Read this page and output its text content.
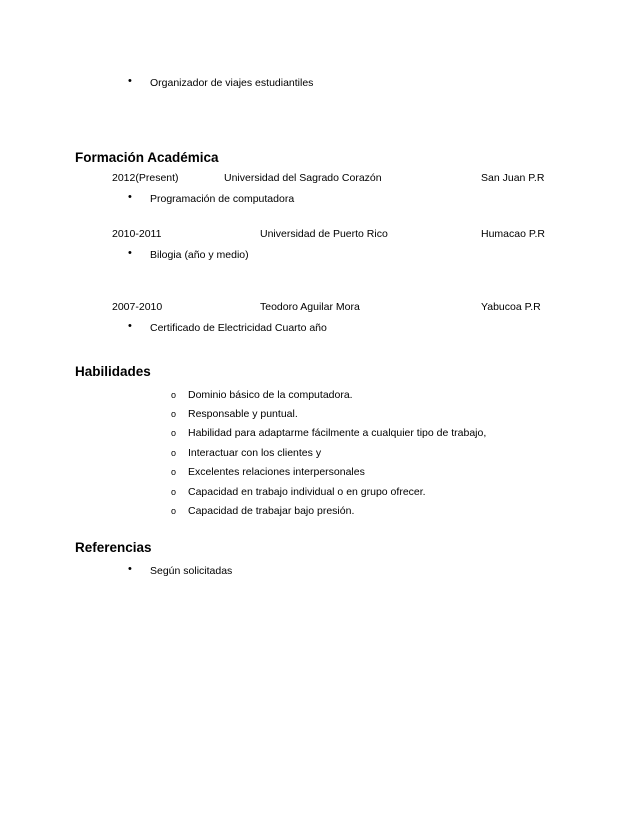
• Organizador de viajes estudiantiles
Formación Académica
2012(Present)	Universidad del Sagrado Corazón	San Juan P.R
• Programación de computadora
2010-2011	Universidad de Puerto Rico	Humacao P.R
• Bilogia (año y medio)
2007-2010	Teodoro Aguilar Mora	Yabucoa P.R
• Certificado de Electricidad Cuarto año
Habilidades
o Dominio básico de la computadora.
o Responsable y puntual.
o Habilidad para adaptarme fácilmente a cualquier tipo de trabajo,
o Interactuar con los clientes y
o Excelentes relaciones interpersonales
o Capacidad en trabajo individual o en grupo ofrecer.
o Capacidad de trabajar bajo presión.
Referencias
• Según solicitadas
